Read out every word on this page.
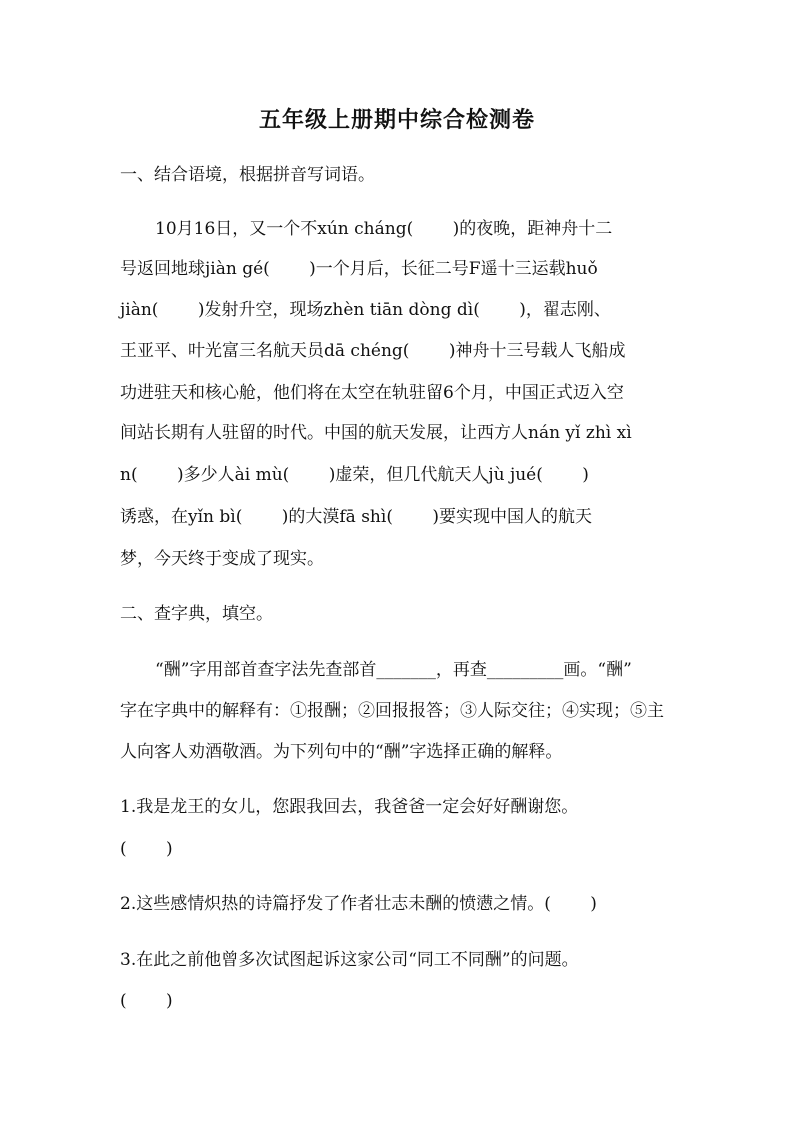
五年级上册期中综合检测卷
一、结合语境，根据拼音写词语。
10月16日，又一个不xún cháng(　　 )的夜晚，距神舟十二
号返回地球jiàn gé(　　 )一个月后，长征二号F遥十三运载huǒ
jiàn(　　 )发射升空，现场zhèn tiān dòng dì(　　 )，翟志刚、
王亚平、叶光富三名航天员dā chéng(　　 )神舟十三号载人飞船成
功进驻天和核心舱，他们将在太空在轨驻留6个月，中国正式迈入空
间站长期有人驻留的时代。中国的航天发展，让西方人nán yǐ zhì xì
n(　　 )多少人ài mù(　　 )虚荣，但几代航天人jù jué(　　 )
诱惑，在yǐn bì(　　 )的大漠fā shì(　　 )要实现中国人的航天
梦，今天终于变成了现实。
二、查字典，填空。
“酬”字用部首查字法先查部首_______，再查_________画。“酬”
字在字典中的解释有：①报酬；②回报报答；③人际交往；④实现；⑤主
人向客人劝酒敬酒。为下列句中的“酬”字选择正确的解释。
1.我是龙王的女儿，您跟我回去，我爸爸一定会好好酬谢您。
(　　 )
2.这些感情炽热的诗篇抒发了作者壮志未酬的愤懑之情。(　　 )
3.在此之前他曾多次试图起诉这家公司“同工不同酬”的问题。
(　　 )
